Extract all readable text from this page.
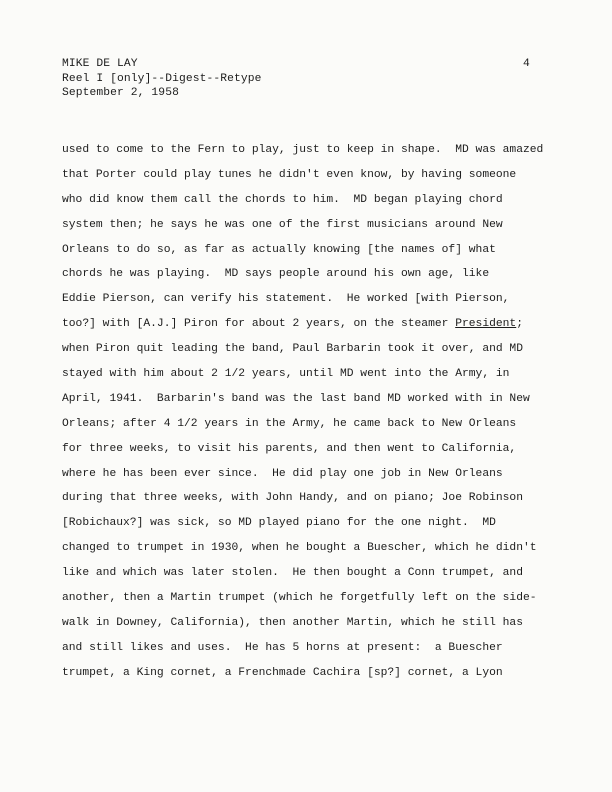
MIKE DE LAY
Reel I [only]--Digest--Retype
September 2, 1958
4
used to come to the Fern to play, just to keep in shape.  MD was amazed
that Porter could play tunes he didn't even know, by having someone
who did know them call the chords to him.  MD began playing chord
system then; he says he was one of the first musicians around New
Orleans to do so, as far as actually knowing [the names of] what
chords he was playing.  MD says people around his own age, like
Eddie Pierson, can verify his statement.  He worked [with Pierson,
too?] with [A.J.] Piron for about 2 years, on the steamer President;
when Piron quit leading the band, Paul Barbarin took it over, and MD
stayed with him about 2 1/2 years, until MD went into the Army, in
April, 1941.  Barbarin's band was the last band MD worked with in New
Orleans; after 4 1/2 years in the Army, he came back to New Orleans
for three weeks, to visit his parents, and then went to California,
where he has been ever since.  He did play one job in New Orleans
during that three weeks, with John Handy, and on piano; Joe Robinson
[Robichaux?] was sick, so MD played piano for the one night.  MD
changed to trumpet in 1930, when he bought a Buescher, which he didn't
like and which was later stolen.  He then bought a Conn trumpet, and
another, then a Martin trumpet (which he forgetfully left on the side-
walk in Downey, California), then another Martin, which he still has
and still likes and uses.  He has 5 horns at present:  a Buescher
trumpet, a King cornet, a Frenchmade Cachira [sp?] cornet, a Lyon
